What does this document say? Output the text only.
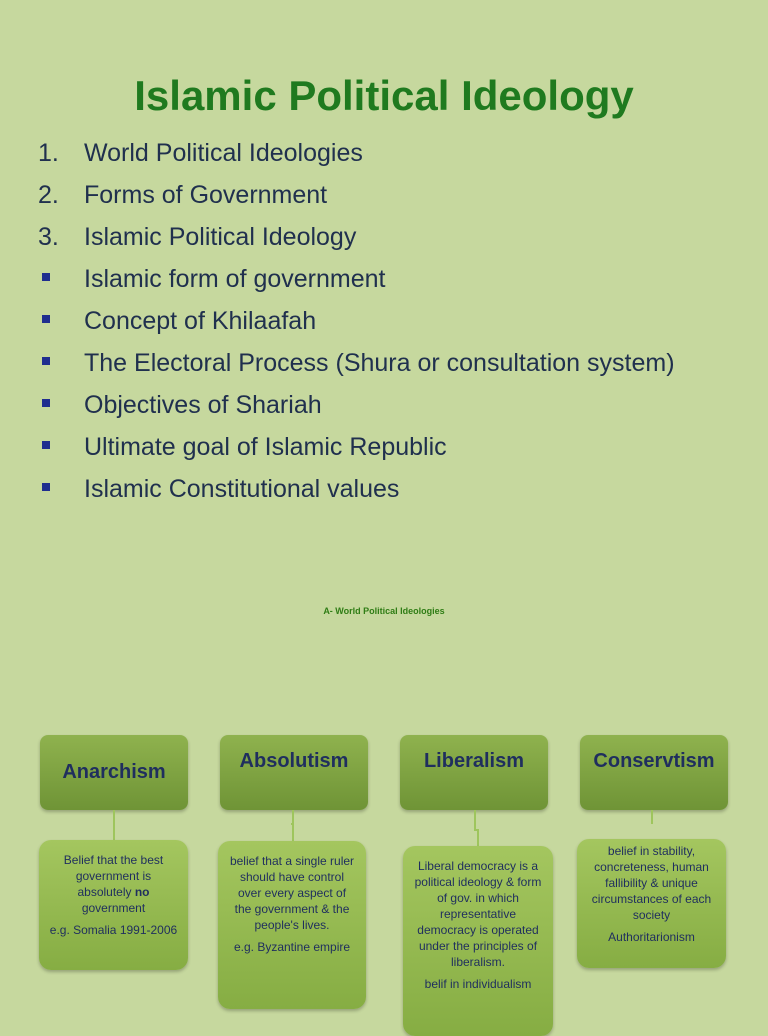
Islamic Political Ideology
1.	World Political Ideologies
2.	Forms of Government
3.	Islamic Political Ideology
Islamic form of government
Concept of Khilaafah
The Electoral Process (Shura or consultation system)
Objectives of Shariah
Ultimate goal of Islamic Republic
Islamic Constitutional values
A- World Political Ideologies
Anarchism

Belief that the best government is absolutely no government

e.g. Somalia 1991-2006

Absolutism

belief that a single ruler should have control over every aspect of the government & the people's lives.

e.g. Byzantine empire

Liberalism

Liberal democracy is a political ideology & form of gov. in which representative democracy is operated under the principles of liberalism.

belif in individualism

Conservtism

belief in stability, concreteness, human fallibility & unique circumstances of each society

Authoritarionism
